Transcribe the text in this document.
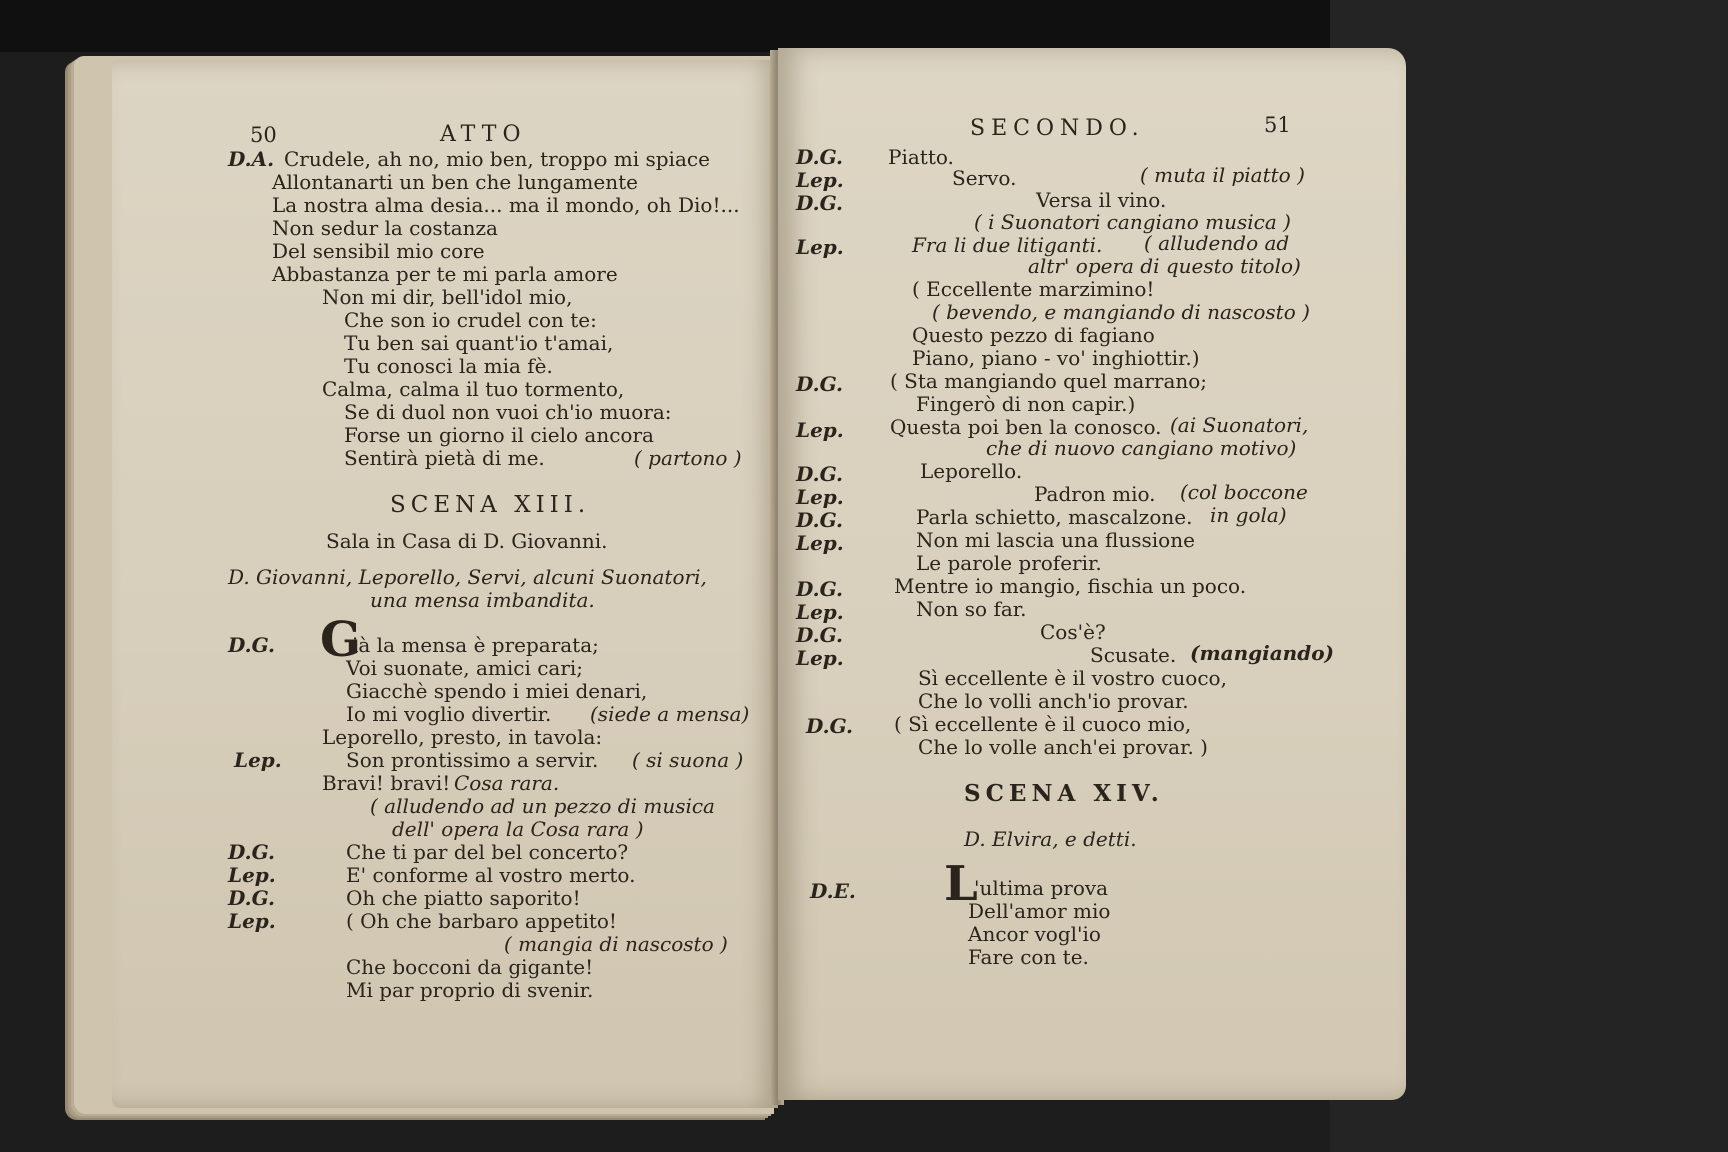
50	ATTO
D.A. Crudele, ah no, mio ben, troppo mi spiace
Allontanarti un ben che lungamente
La nostra alma desia... ma il mondo, oh Dio!...
Non sedur la costanza
Del sensibil mio core
Abbastanza per te mi parla amore
Non mi dir, bell'idol mio,
Che son io crudel con te:
Tu ben sai quant'io t'amai,
Tu conosci la mia fè.
Calma, calma il tuo tormento,
Se di duol non vuoi ch'io muora:
Forse un giorno il cielo ancora
Sentirà pietà di me.	( partono )
SCENA XIII.
Sala in Casa di D. Giovanni.
D. Giovanni, Leporello, Servi, alcuni Suonatori,
una mensa imbandita.
D.G. G
ià la mensa è preparata;
Voi suonate, amici cari;
Giacchè spendo i miei denari,
Io mi voglio divertir. (siede a mensa)
Leporello, presto, in tavola:
Lep.	Son prontissimo a servir. ( si suona )
Bravi! bravi! Cosa rara.
( alludendo ad un pezzo di musica
dell' opera la Cosa rara )
D.G.	Che ti par del bel concerto?
Lep.	E' conforme al vostro merto.
D.G.	Oh che piatto saporito!
Lep.	( Oh che barbaro appetito!
( mangia di nascosto )
Che bocconi da gigante!
Mi par proprio di svenir.
SECONDO.	51
D.G. Piatto.
Lep.	Servo.	( muta il piatto )
D.G.	Versa il vino.
( i Suonatori cangiano musica )
Lep.	Fra li due litiganti. ( alludendo ad
altr' opera di questo titolo)
( Eccellente marzimino!
( bevendo, e mangiando di nascosto )
Questo pezzo di fagiano
Piano, piano - vo' inghiottir.)
D.G. ( Sta mangiando quel marrano;
Fingerò di non capir.)
Lep. Questa poi ben la conosco. (ai Suonatori,
che di nuovo cangiano motivo)
D.G.	Leporello.
Lep.	Padron mio. (col boccone
D.G.	Parla schietto, mascalzone. in gola)
Lep.	Non mi lascia una flussione
Le parole proferir.
D.G.	Mentre io mangio, fischia un poco.
Lep.	Non so far.
D.G.	Cos'è?
Lep.	Scusate. (mangiando)
Sì eccellente è il vostro cuoco,
Che lo volli anch'io provar.
D.G. ( Sì eccellente è il cuoco mio,
Che lo volle anch'ei provar. )
SCENA XIV.
D. Elvira, e detti.
D.E. L
'ultima prova
Dell'amor mio
Ancor vogl'io
Fare con te.
